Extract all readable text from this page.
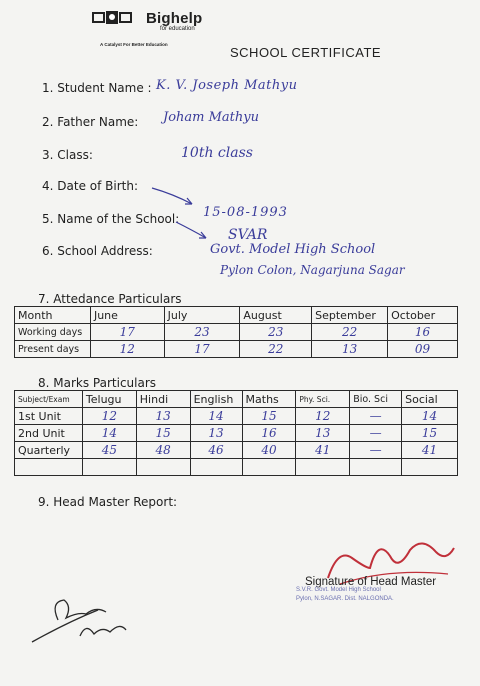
Bighelp
for education
A Catalyst For Better Education
SCHOOL CERTIFICATE
1. Student Name : K. V. Joseph Mathyu
2. Father Name: Joham Mathyu
3. Class:	10th class
4. Date of Birth:
15-08-1993
5. Name of the School:
SVAR
6. School Address:	Govt. Model High School
Pylon Colon, Nagarjuna Sagar
7. Attedance Particulars
Month	June	July	August	September	October
Working days	17	23	23	22	16
Present days	12	17	22	13	09
8. Marks Particulars
Subject/Exam	Telugu	Hindi	English	Maths	Phy. Sci.	Bio. Sci	Social
1st Unit	12	13	14	15	12	—	14
2nd Unit	14	15	13	16	13	—	15
Quarterly	45	48	46	40	41	—	41

9. Head Master Report:
Signature of Head Master
S.V.R. Govt. Model High School
Pylon, N.SAGAR. Dist. NALGONDA.
